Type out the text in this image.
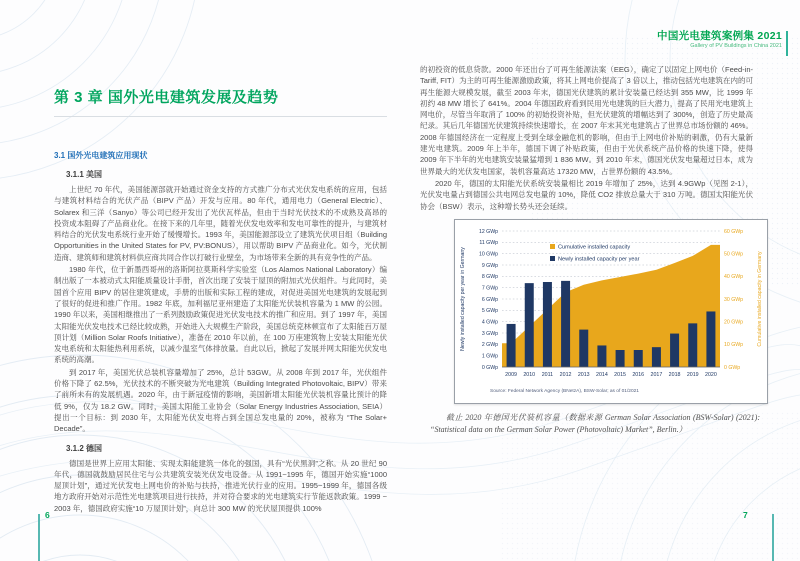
中国光电建筑案例集 2021
Gallery of PV Buildings in China 2021
第 3 章 国外光电建筑发展及趋势
3.1 国外光电建筑应用现状
3.1.1 美国

上世纪 70 年代，美国能源部就开始通过资金支持的方式推广分布式光伏发电系统的应用，包括与建筑材料结合的光伏产品（BIPV 产品）开发与应用。80 年代，通用电力（General Electric）、Solarex 和三洋（Sanyo）等公司已经开发出了光伏瓦样品，但由于当时光伏技术的不成熟及高昂的投资成本阻碍了产品商业化。在接下来的几年里，随着光伏发电效率和发电可靠性的提升，与建筑材料结合的光伏发电系统行业开始了缓慢增长。1993 年，美国能源部设立了建筑光伏项目组（Building Opportunities in the United States for PV, PV:BONUS），用以帮助 BIPV 产品商业化。如今，光伏制造商、建筑师和建筑材料供应商共同合作以打破行业壁垒，为市场带来全新的具有竞争性的产品。

1980 年代，位于新墨西哥州的洛斯阿拉莫斯科学实验室（Los Alamos National Laboratory）编制出版了一本被动式太阳能质量设计手册，首次出现了安装于屋顶的附加式光伏组件。与此同时，美国首个应用 BIPV 的居住建筑建成，手册的出版和实际工程的建成，对促进美国光电建筑的发展起到了很好的促进和推广作用。1982 年底，加利福尼亚州建造了太阳能光伏装机容量为 1 MW 的公园。1990 年以来，美国相继推出了一系列鼓励政策促进光伏发电技术的推广和应用。到了 1997 年，美国太阳能光伏发电技术已经比较成熟，开始进入大规模生产阶段，美国总统克林顿宣布了太阳能百万屋顶计划（Million Solar Roofs Initiative），准备在 2010 年以前，在 100 万座建筑物上安装太阳能光伏发电系统和太阳能热利用系统，以减少温室气体排放量。自此以后，掀起了发展并网太阳能光伏发电系统的高潮。

到 2017 年，美国光伏总装机容量增加了 25%，总计 53GW。从 2008 年到 2017 年，光伏组件价格下降了 62.5%，光伏技术的不断突破为光电建筑（Building Integrated Photovoltaic, BIPV）带来了前所未有的发展机遇。2020 年，由于新冠疫情的影响，美国新增太阳能光伏装机容量比预计的降低 9%，仅为 18.2 GW。同时，美国太阳能工业协会（Solar Energy Industries Association, SEIA）提出一个目标：到 2030 年，太阳能光伏发电将占到全国总发电量的 20%，被称为 “The Solar+ Decade”。

3.1.2 德国

德国是世界上应用太阳能、实现太阳能建筑一体化的强国，具有“光伏黑洞”之称。从 20 世纪 90 年代，德国就鼓励居民住宅与公共建筑安装光伏发电设备。从 1991~1995 年，德国开始实施“1000 屋顶计划”，通过光伏发电上网电价的补贴与扶持，推进光伏行业的应用。1995~1999 年，德国各级地方政府开始对示范性光电建筑项目进行扶持，并对符合要求的光电建筑实行节能返款政策。1999 ~ 2003 年，德国政府实施“10 万屋顶计划”，向总计 300 MW 的光伏屋顶提供 100%

6

的初投资的低息贷款。2000 年还出台了可再生能源法案（EEG），确定了以固定上网电价（Feed-in-Tariff, FIT）为主的可再生能源激励政策，将其上网电价提高了 3 倍以上，推动包括光电建筑在内的可再生能源大规模发展，截至 2003 年末，德国光伏建筑的累计安装量已经达到 355 MW，比 1999 年初约 48 MW 增长了 641%。2004 年德国政府看到民用光电建筑的巨大潜力，提高了民用光电建筑上网电价，尽管当年取消了 100% 的初始投资补贴，但光伏建筑的增幅达到了 300%，创造了历史最高纪录。其后几年德国光伏建筑持续快速增长，在 2007 年末其光电建筑占了世界总市场份额的 46%。2008 年德国经济在一定程度上受到全球金融危机的影响，但由于上网电价补贴的刺激，仍有大量新建光电建筑。2009 年上半年，德国下调了补贴政策，但由于光伏系统产品价格的快速下降，使得 2009 年下半年的光电建筑安装量猛增到 1 836 MW。到 2010 年末，德国光伏发电量超过日本，成为世界最大的光伏发电国家，装机容量高达 17320 MW，占世界份额的 43.5%。

2020 年，德国的太阳能光伏系统安装量相比 2019 年增加了 25%，达到 4.9GWp（见图 2-1），光伏发电量占到德国公共电网总发电量的 10%，降低 CO2 排放总量大于 310 万吨。德国太阳能光伏协会（BSW）表示，这种增长势头还会延续。

0 GWp
1 GWp
2 GWp
3 GWp
4 GWp
5 GWp
6 GWp
7 GWp
8 GWp
9 GWp
10 GWp
11 GWp
12 GWp
0 GWp
10 GWp
20 GWp
30 GWp
40 GWp
50 GWp
60 GWp
2009 2010 2011 2012 2013 2014 2015 2016 2017 2018 2019 2020
Cumulative installed capacity
Newly installed capacity per year
Newly installed capacity per year in Germany	Cumulative installed capacity in Germany
Source: Federal Network Agency (BNetzA), BSW-Solar; as of 01/2021
截止 2020 年德国光伏装机容量（数据来源 German Solar Association (BSW-Solar) (2021): “Statistical data on the German Solar Power (Photovoltaic) Market”, Berlin.）
7
